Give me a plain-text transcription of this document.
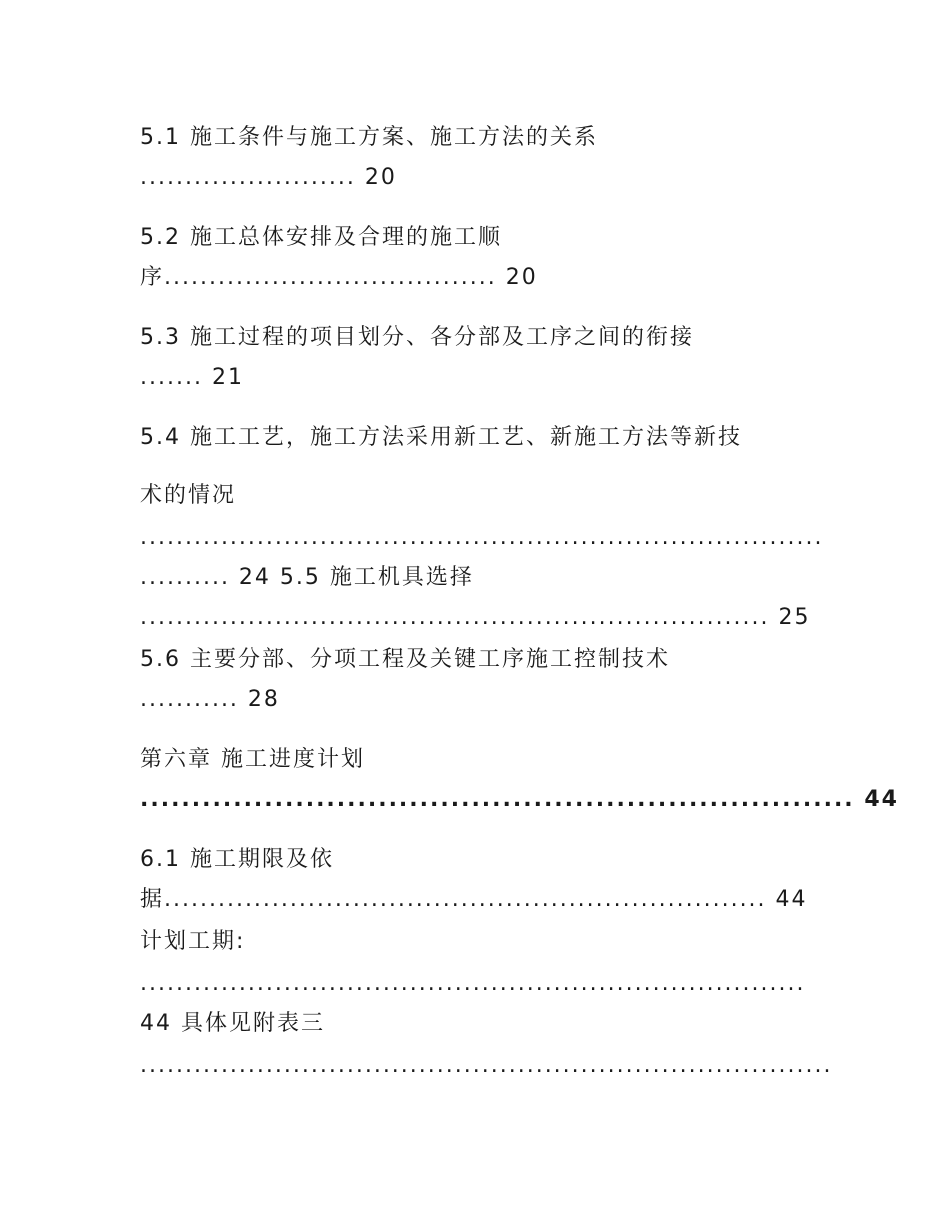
5.1 施工条件与施工方案、施工方法的关系
........................ 20
5.2 施工总体安排及合理的施工顺
序..................................... 20
5.3 施工过程的项目划分、各分部及工序之间的衔接
....... 21
5.4 施工工艺，施工方法采用新工艺、新施工方法等新技
术的情况
............................................................................
.......... 24 5.5 施工机具选择
...................................................................... 25
5.6 主要分部、分项工程及关键工序施工控制技术
........... 28
第六章 施工进度计划
..................................................................... 44
6.1 施工期限及依
据................................................................... 44
计划工期:
..........................................................................
44 具体见附表三
.............................................................................
